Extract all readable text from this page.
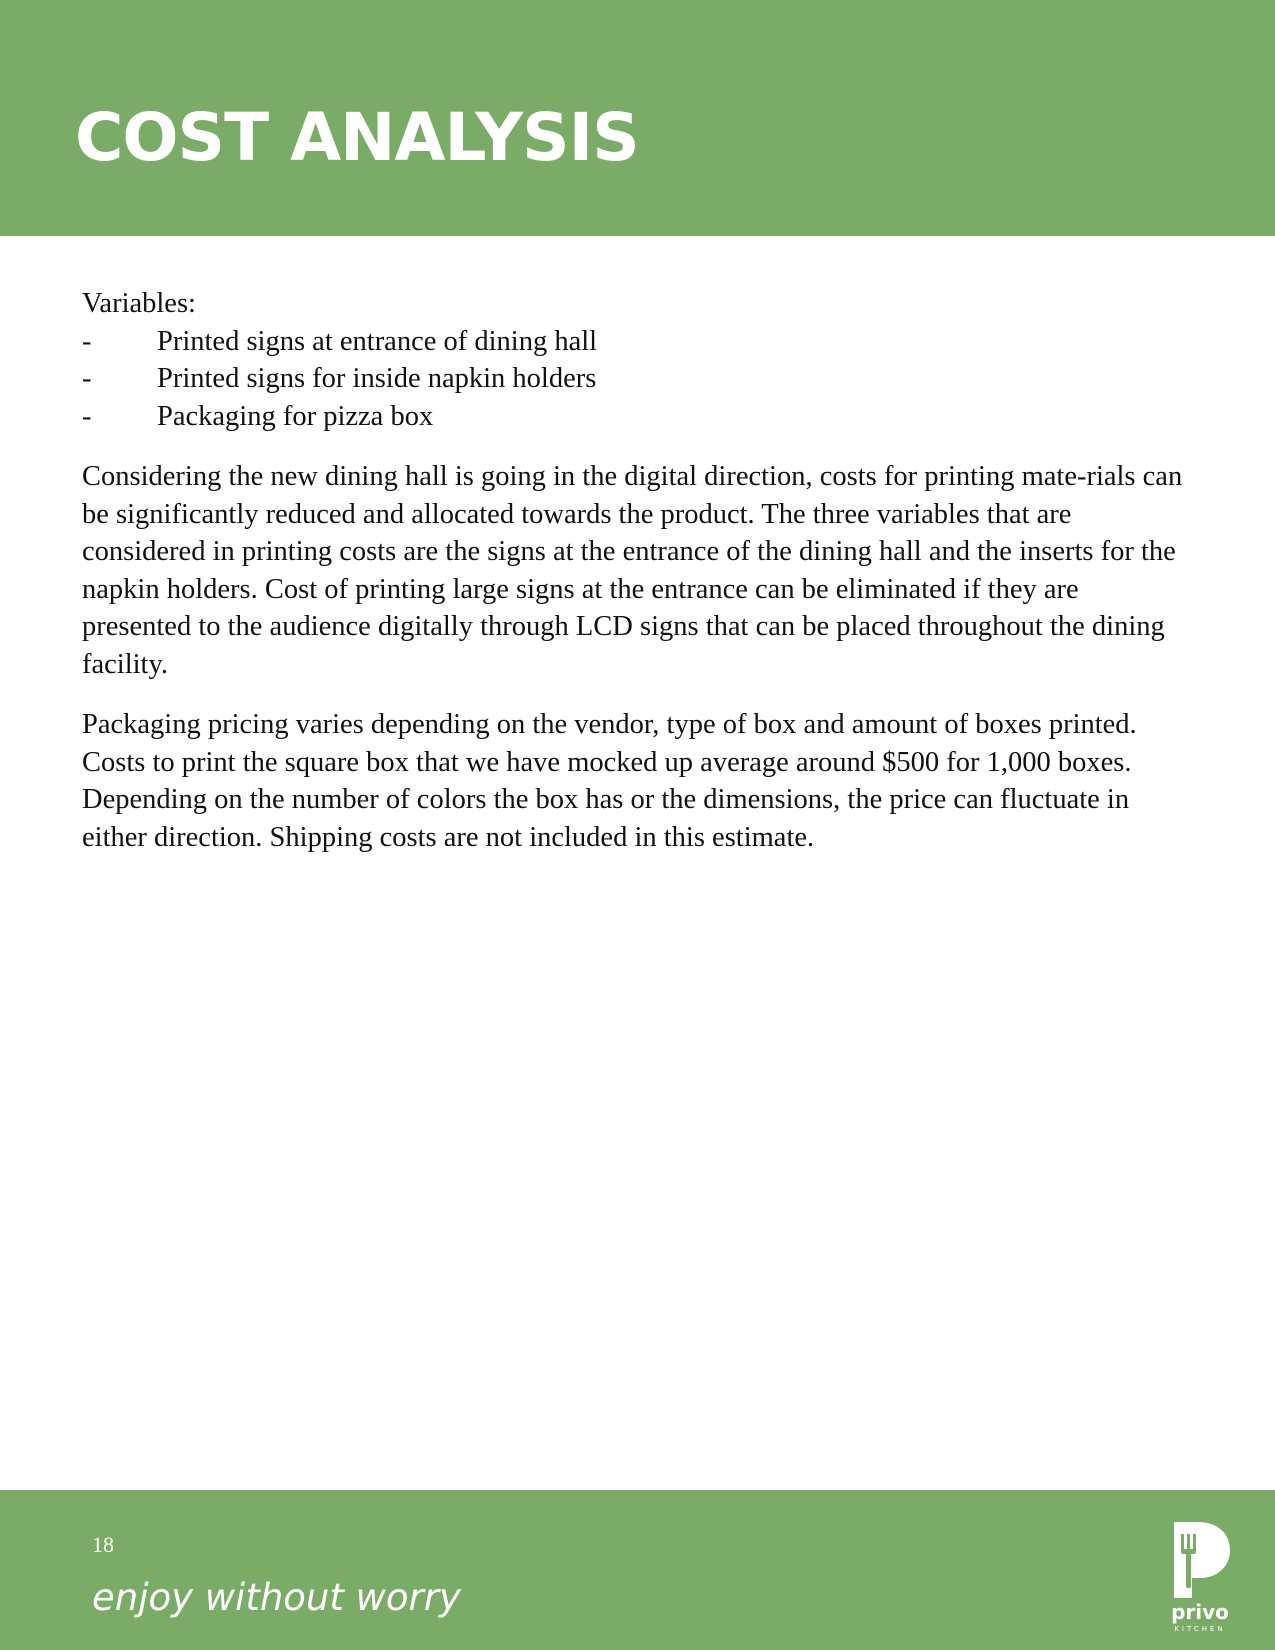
COST ANALYSIS

Variables:

- Printed signs at entrance of dining hall
- Printed signs for inside napkin holders
- Packaging for pizza box

Considering the new dining hall is going in the digital direction, costs for printing mate-rials can be significantly reduced and allocated towards the product. The three variables that are considered in printing costs are the signs at the entrance of the dining hall and the inserts for the napkin holders. Cost of printing large signs at the entrance can be eliminated if they are presented to the audience digitally through LCD signs that can be placed throughout the dining facility.

Packaging pricing varies depending on the vendor, type of box and amount of boxes printed. Costs to print the square box that we have mocked up average around $500 for 1,000 boxes. Depending on the number of colors the box has or the dimensions, the price can fluctuate in either direction. Shipping costs are not included in this estimate.

18
enjoy without worry	privo
KITCHEN
